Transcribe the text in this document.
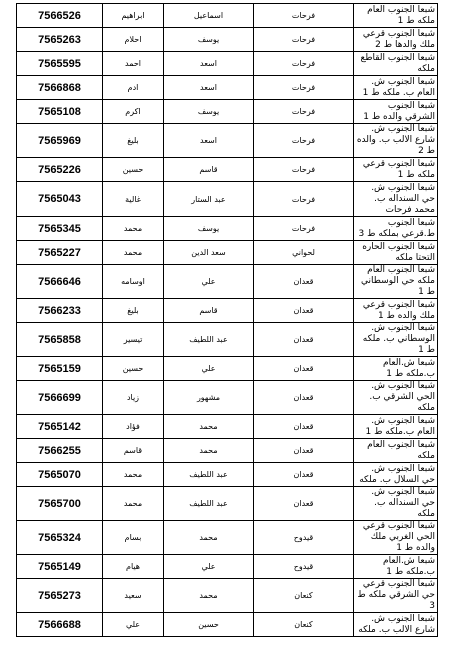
7566526	ابراهيم	اسماعيل	فرحات	شبعا الجنوب العام ملكه ط 1
7565263	احلام	يوسف	فرحات	شبعا الجنوب قرعي ملك والدها ط 2
7565595	احمد	اسعد	فرحات	شبعا الجنوب القاطع ملكه
7566868	ادم	اسعد	فرحات	شبعا الجنوب ش. العام ب. ملكه ط 1
7565108	اكرم	يوسف	فرحات	شبعا الجنوب الشرقي والده ط 1
7565969	بليغ	اسعد	فرحات	شبعا الجنوب ش. شارع الالب ب. والده ط 2
7565226	حسين	قاسم	فرحات	شبعا الجنوب قرعي ملكه ط 1
7565043	غالية	عبد الستار	فرحات	شبعا الجنوب ش. حي السنداله ب. محمد فرحات
7565345	محمد	يوسف	فرحات	شبعا الجنوب ط.قرعي بملكه ط 3
7565227	محمد	سعد الدين	لحواني	شبعا الجنوب الحاره التحتا ملكه
7566646	اوسامه	علي	قعدان	شبعا الجنوب العام ملكه حي الوسطاني ط 1
7566233	بليغ	قاسم	قعدان	شبعا الجنوب قرعي ملك والده ط 1
7565858	تيسير	عبد اللطيف	قعدان	شبعا الجنوب ش. الوسطاني ب. ملكه ط 1
7565159	حسين	علي	قعدان	شبعا ش.العام ب.ملكه ط 1
7566699	زياد	مشهور	قعدان	شبعا الجنوب ش. الحي الشرقي ب. ملكه
7565142	فؤاد	محمد	قعدان	شبعا الجنوب ش. العام ب.ملكه ط 1
7566255	قاسم	محمد	قعدان	شبعا الجنوب العام ملكه
7565070	محمد	عبد اللطيف	قعدان	شبعا الجنوب ش. حي السلال ب. ملكه
7565700	محمد	عبد اللطيف	قعدان	شبعا الجنوب ش. حي السنداله ب. ملكه
7565324	بسام	محمد	قيدوح	شبعا الجنوب قرعي الحي الغربي ملك والده ط 1
7565149	هيام	علي	قيدوح	شبعا ش.العام ب.ملكه ط 1
7565273	سعيد	محمد	كنعان	شبعا الجنوب قرعي حي الشرقي ملكه ط 3
7566688	علي	حسين	كنعان	شبعا الجنوب ش. شارع الالب ب. ملكه
